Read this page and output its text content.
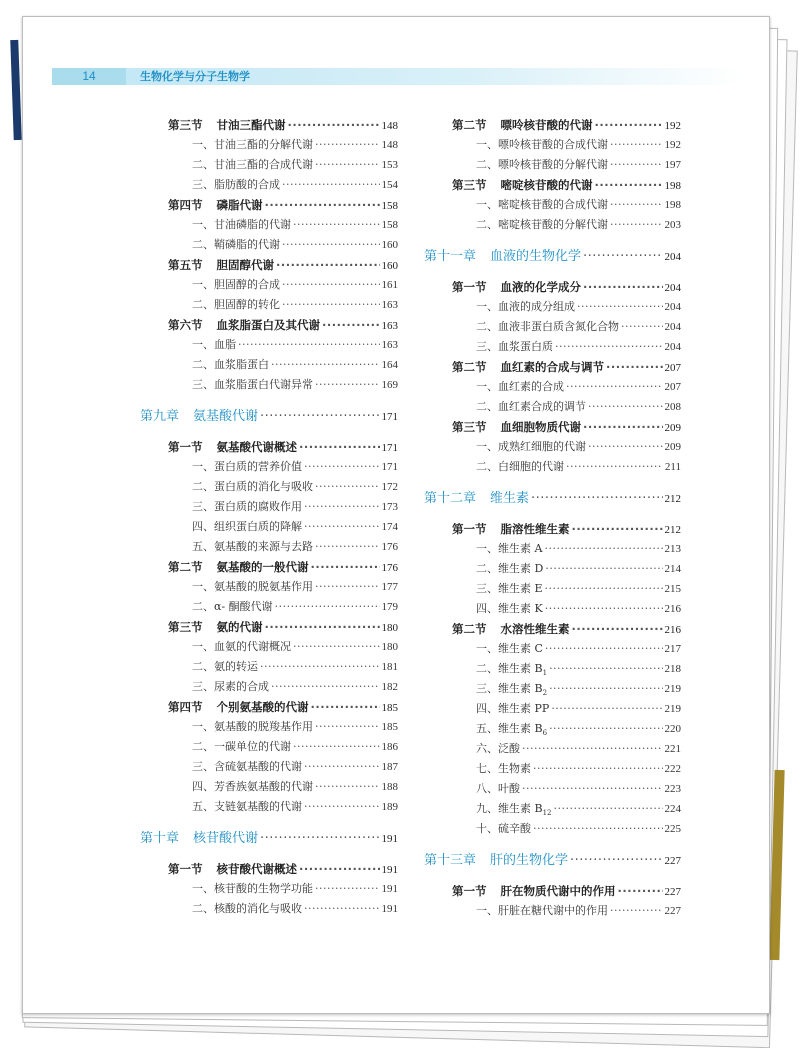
14	生物化学与分子生物学
第三节 甘油三酯代谢 ·····	148
一、甘油三酯的分解代谢 ·····	148
二、甘油三酯的合成代谢 ·····	153
三、脂肪酸的合成 ·····	154
第四节 磷脂代谢 ·····	158
一、甘油磷脂的代谢 ·····	158
二、鞘磷脂的代谢 ·····	160
第五节 胆固醇代谢 ·····	160
一、胆固醇的合成 ·····	161
二、胆固醇的转化 ·····	163
第六节 血浆脂蛋白及其代谢 ·····	163
一、血脂 ·····	163
二、血浆脂蛋白 ·····	164
三、血浆脂蛋白代谢异常 ·····	169
第九章 氨基酸代谢 ·····	171
第一节 氨基酸代谢概述 ·····	171
一、蛋白质的营养价值 ·····	171
二、蛋白质的消化与吸收 ·····	172
三、蛋白质的腐败作用 ·····	173
四、组织蛋白质的降解 ·····	174
五、氨基酸的来源与去路 ·····	176
第二节 氨基酸的一般代谢 ·····	176
一、氨基酸的脱氨基作用 ·····	177
二、α- 酮酸代谢 ·····	179
第三节 氨的代谢 ·····	180
一、血氨的代谢概况 ·····	180
二、氨的转运 ·····	181
三、尿素的合成 ·····	182
第四节 个别氨基酸的代谢 ·····	185
一、氨基酸的脱羧基作用 ·····	185
二、一碳单位的代谢 ·····	186
三、含硫氨基酸的代谢 ·····	187
四、芳香族氨基酸的代谢 ·····	188
五、支链氨基酸的代谢 ·····	189
第十章 核苷酸代谢 ·····	191
第一节 核苷酸代谢概述 ·····	191
一、核苷酸的生物学功能 ·····	191
二、核酸的消化与吸收 ·····	191
第二节 嘌呤核苷酸的代谢 ·····	192
一、嘌呤核苷酸的合成代谢 ·····	192
二、嘌呤核苷酸的分解代谢 ·····	197
第三节 嘧啶核苷酸的代谢 ·····	198
一、嘧啶核苷酸的合成代谢 ·····	198
二、嘧啶核苷酸的分解代谢 ·····	203
第十一章 血液的生物化学 ·····	204
第一节 血液的化学成分 ·····	204
一、血液的成分组成 ·····	204
二、血液非蛋白质含氮化合物 ·····	204
三、血浆蛋白质 ·····	204
第二节 血红素的合成与调节 ·····	207
一、血红素的合成 ·····	207
二、血红素合成的调节 ·····	208
第三节 血细胞物质代谢 ·····	209
一、成熟红细胞的代谢 ·····	209
二、白细胞的代谢 ·····	211
第十二章 维生素 ·····	212
第一节 脂溶性维生素 ·····	212
一、维生素 A ·····	213
二、维生素 D ·····	214
三、维生素 E ·····	215
四、维生素 K ·····	216
第二节 水溶性维生素 ·····	216
一、维生素 C ·····	217
二、维生素 $B_1$ ·····	218
三、维生素 $B_2$ ·····	219
四、维生素 PP ·····	219
五、维生素 $B_6$ ·····	220
六、泛酸 ·····	221
七、生物素 ·····	222
八、叶酸 ·····	223
九、维生素 $B_{12}$ ·····	224
十、硫辛酸 ·····	225
第十三章 肝的生物化学 ·····	227
第一节 肝在物质代谢中的作用 ·····	227
一、肝脏在糖代谢中的作用 ·····	227
